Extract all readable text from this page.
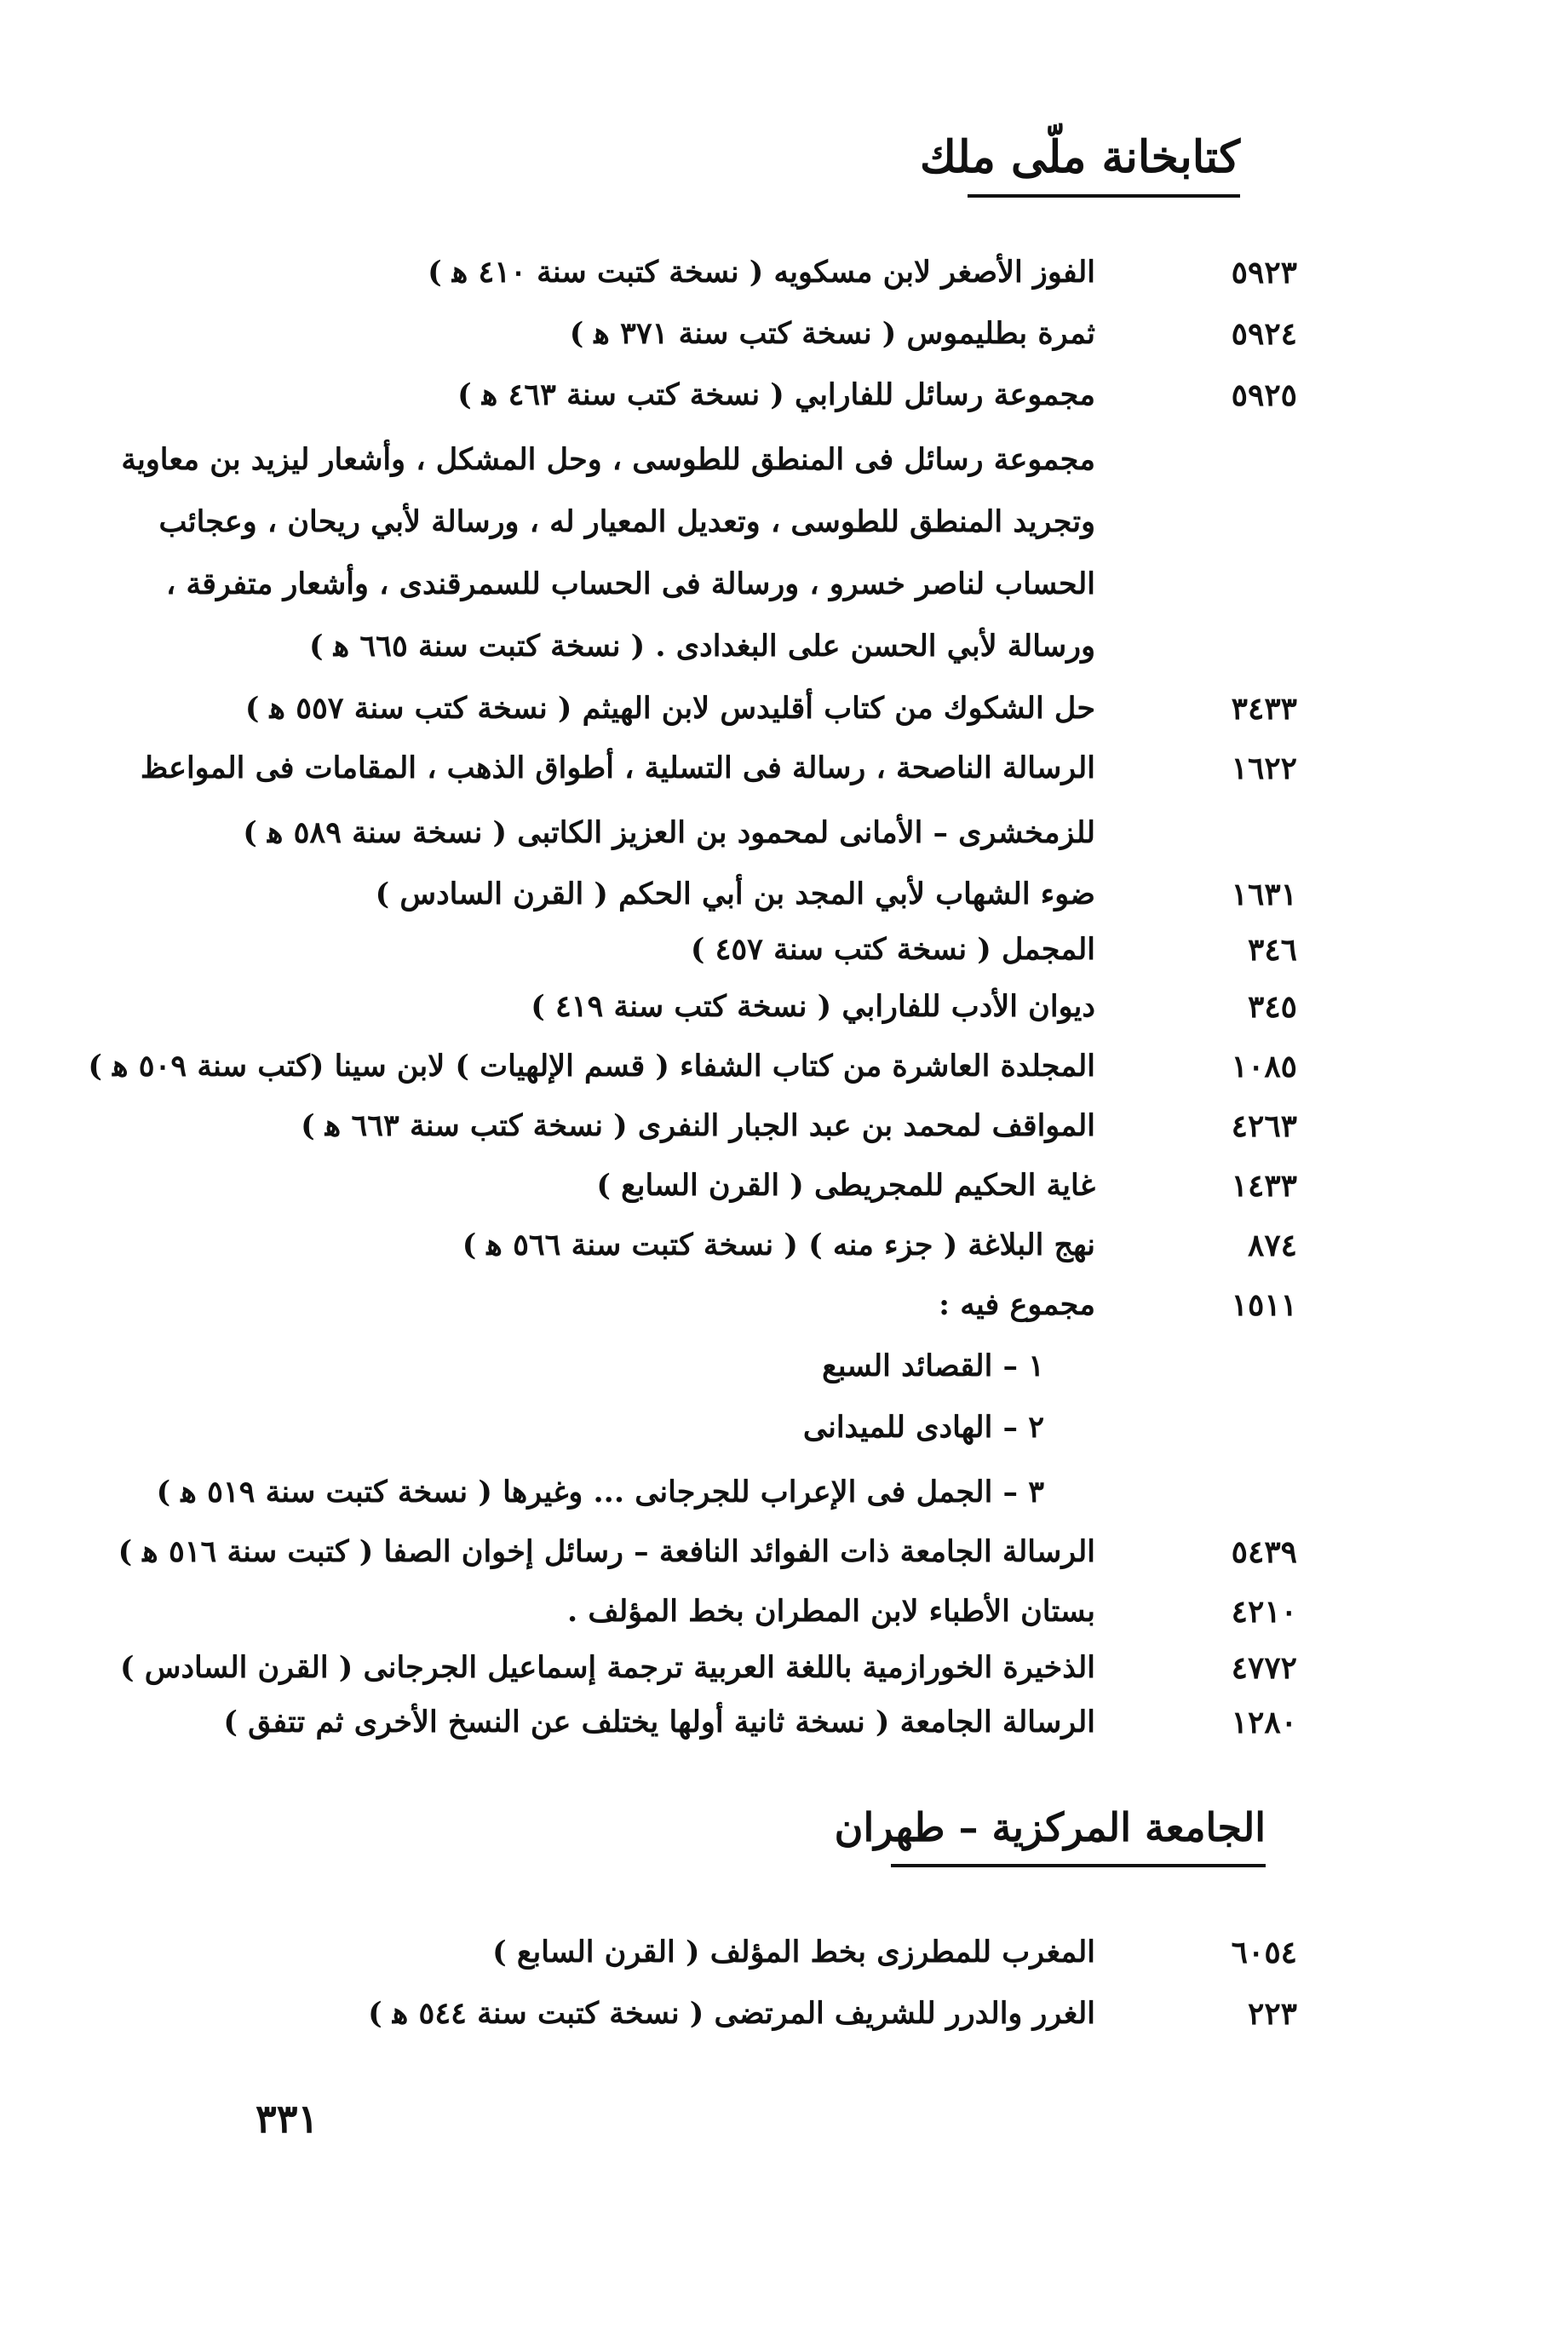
كتابخانة ملّى ملك
٥٩٢٣
الفوز الأصغر لابن مسكويه ( نسخة كتبت سنة ٤١٠ ﻫ )
٥٩٢٤
ثمرة بطليموس ( نسخة كتب سنة ٣٧١ ﻫ )
٥٩٢٥
مجموعة رسائل للفارابي ( نسخة كتب سنة ٤٦٣ ﻫ )
مجموعة رسائل فى المنطق للطوسى ، وحل المشكل ، وأشعار ليزيد بن معاوية
وتجريد المنطق للطوسى ، وتعديل المعيار له ، ورسالة لأبي ريحان ، وعجائب
الحساب لناصر خسرو ، ورسالة فى الحساب للسمرقندى ، وأشعار متفرقة ،
ورسالة لأبي الحسن على البغدادى . ( نسخة كتبت سنة ٦٦٥ ﻫ )
٣٤٣٣
حل الشكوك من كتاب أقليدس لابن الهيثم ( نسخة كتب سنة ٥٥٧ ﻫ )
١٦٢٢
الرسالة الناصحة ، رسالة فى التسلية ، أطواق الذهب ، المقامات فى المواعظ
للزمخشرى – الأمانى لمحمود بن العزيز الكاتبى ( نسخة سنة ٥٨٩ ﻫ )
١٦٣١
ضوء الشهاب لأبي المجد بن أبي الحكم ( القرن السادس )
٣٤٦
المجمل ( نسخة كتب سنة ٤٥٧ )
٣٤٥
ديوان الأدب للفارابي ( نسخة كتب سنة ٤١٩ )
١٠٨٥
المجلدة العاشرة من كتاب الشفاء ( قسم الإلهيات ) لابن سينا (كتب سنة ٥٠٩ ﻫ )
٤٢٦٣
المواقف لمحمد بن عبد الجبار النفرى ( نسخة كتب سنة ٦٦٣ ﻫ )
١٤٣٣
غاية الحكيم للمجريطى ( القرن السابع )
٨٧٤
نهج البلاغة ( جزء منه ) ( نسخة كتبت سنة ٥٦٦ ﻫ )
١٥١١
مجموع فيه :
١ – القصائد السبع
٢ – الهادى للميدانى
٣ – الجمل فى الإعراب للجرجانى ... وغيرها ( نسخة كتبت سنة ٥١٩ ﻫ )
٥٤٣٩
الرسالة الجامعة ذات الفوائد النافعة – رسائل إخوان الصفا ( كتبت سنة ٥١٦ ﻫ )
٤٢١٠
بستان الأطباء لابن المطران بخط المؤلف .
٤٧٧٢
الذخيرة الخورازمية باللغة العربية ترجمة إسماعيل الجرجانى ( القرن السادس )
١٢٨٠
الرسالة الجامعة ( نسخة ثانية أولها يختلف عن النسخ الأخرى ثم تتفق )
الجامعة المركزية – طهران
٦٠٥٤
المغرب للمطرزى بخط المؤلف ( القرن السابع )
٢٢٣
الغرر والدرر للشريف المرتضى ( نسخة كتبت سنة ٥٤٤ ﻫ )
٣٣١
